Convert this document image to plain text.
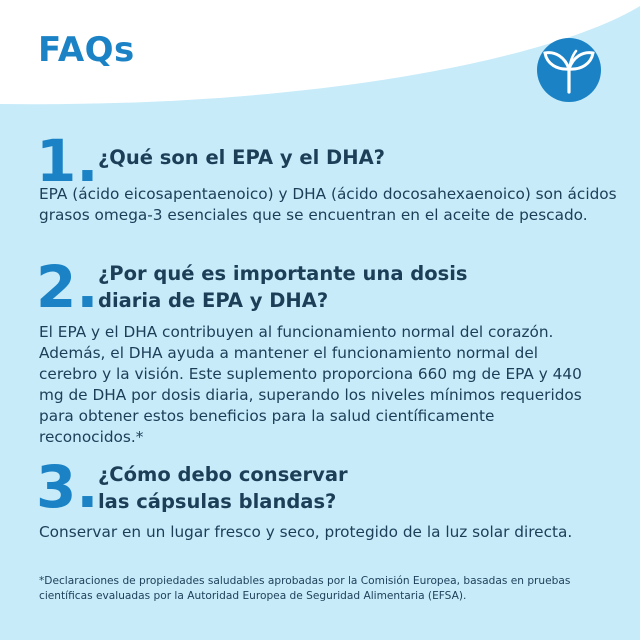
FAQs
1. ¿Qué son el EPA y el DHA?

EPA (ácido eicosapentaenoico) y DHA (ácido docosahexaenoico) son ácidos grasos omega-3 esenciales que se encuentran en el aceite de pescado.

2. ¿Por qué es importante una dosis
diaria de EPA y DHA?

El EPA y el DHA contribuyen al funcionamiento normal del corazón. Además, el DHA ayuda a mantener el funcionamiento normal del cerebro y la visión. Este suplemento proporciona 660 mg de EPA y 440 mg de DHA por dosis diaria, superando los niveles mínimos requeridos para obtener estos beneficios para la salud científicamente reconocidos.*

3. ¿Cómo debo conservar
las cápsulas blandas?

Conservar en un lugar fresco y seco, protegido de la luz solar directa.

*Declaraciones de propiedades saludables aprobadas por la Comisión Europea, basadas en pruebas científicas evaluadas por la Autoridad Europea de Seguridad Alimentaria (EFSA).
